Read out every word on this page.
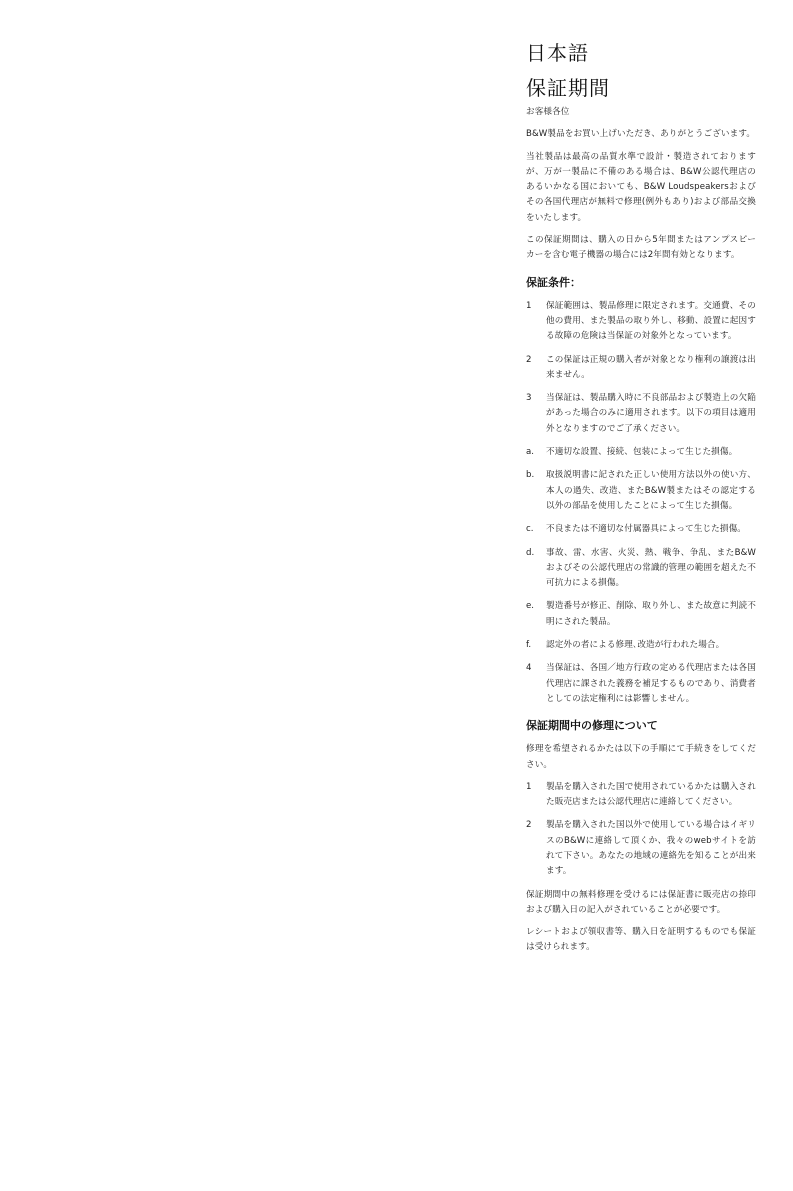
日本語
保証期間

お客様各位

B&W製品をお買い上げいただき、ありがとうございます。

当社製品は最高の品質水準で設計・製造されておりますが、万が一製品に不備のある場合は、B&W公認代理店のあるいかなる国においても、B&W Loudspeakersおよびその各国代理店が無料で修理(例外もあり)および部品交換をいたします。

この保証期間は、購入の日から5年間またはアンプスピーカーを含む電子機器の場合には2年間有効となります。

保証条件：
1	保証範囲は、製品修理に限定されます。交通費、その他の費用、また製品の取り外し、移動、設置に起因する故障の危険は当保証の対象外となっています。
2	この保証は正規の購入者が対象となり権利の譲渡は出来ません。
3	当保証は、製品購入時に不良部品および製造上の欠陥があった場合のみに適用されます。以下の項目は適用外となりますのでご了承ください。
a.	不適切な設置、接続、包装によって生じた損傷。
b.	取扱説明書に記された正しい使用方法以外の使い方、本人の過失、改造、またB&W製またはその認定する以外の部品を使用したことによって生じた損傷。
c.	不良または不適切な付属器具によって生じた損傷。
d.	事故、雷、水害、火災、熱、戦争、争乱、またB&Wおよびその公認代理店の常識的管理の範囲を超えた不可抗力による損傷。
e.	製造番号が修正、削除、取り外し、また故意に判読不明にされた製品。
f.	認定外の者による修理､改造が行われた場合。
4	当保証は、各国／地方行政の定める代理店または各国代理店に課された義務を補足するものであり、消費者としての法定権利には影響しません。
保証期間中の修理について

修理を希望されるかたは以下の手順にて手続きをしてください。

1	製品を購入された国で使用されているかたは購入された販売店または公認代理店に連絡してください。
2	製品を購入された国以外で使用している場合はイギリスのB&Wに連絡して頂くか、我々のwebサイトを訪れて下さい。あなたの地域の連絡先を知ることが出来ます。

保証期間中の無料修理を受けるには保証書に販売店の捺印および購入日の記入がされていることが必要です。

レシートおよび領収書等、購入日を証明するものでも保証は受けられます。
